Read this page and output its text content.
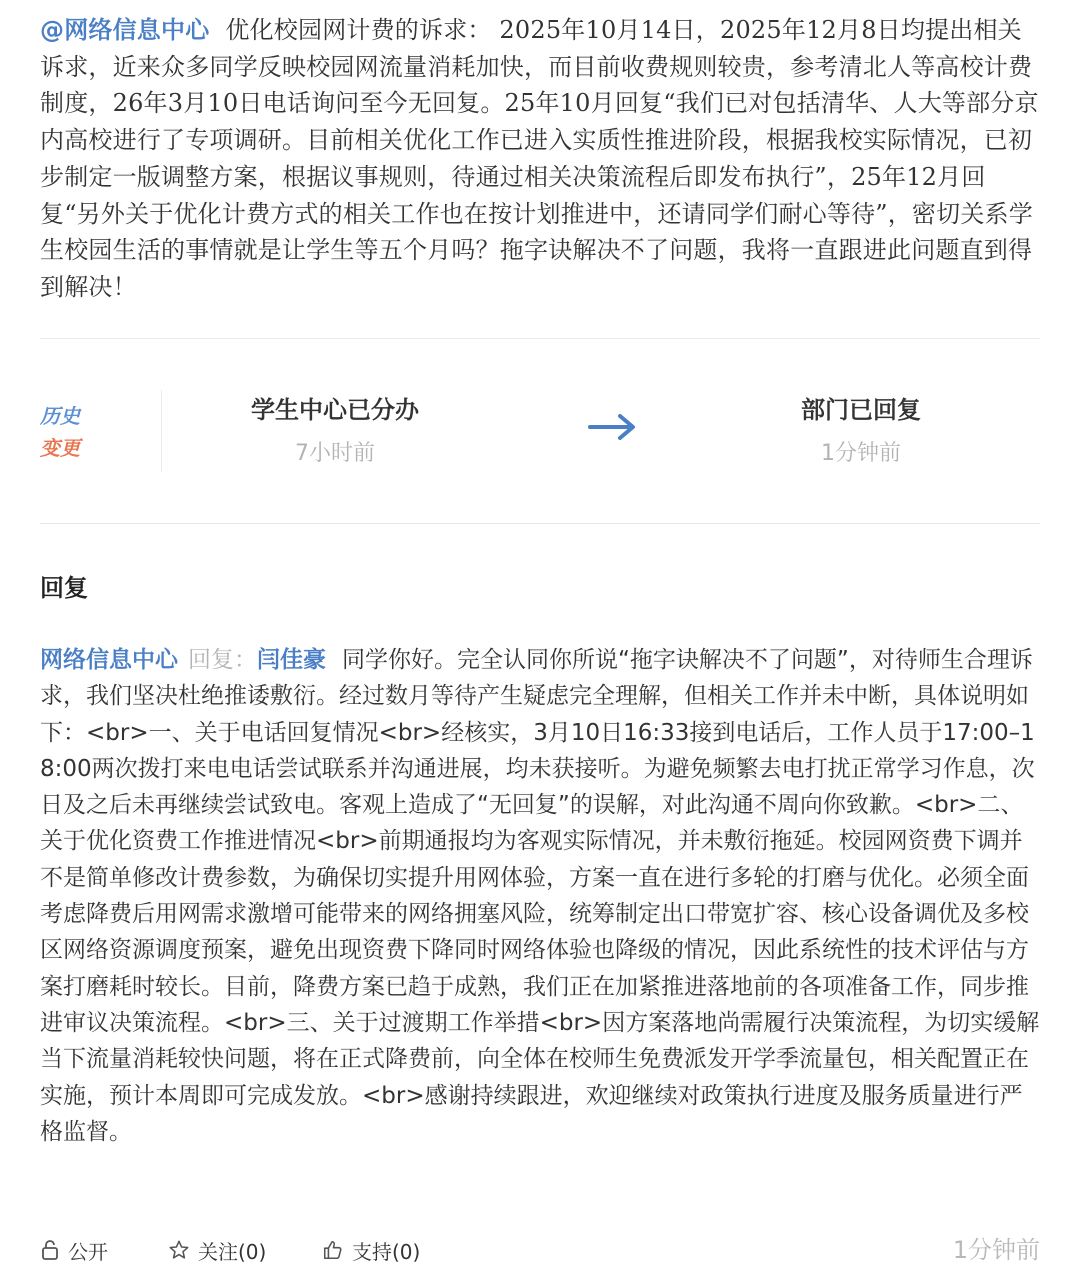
@网络信息中心 优化校园网计费的诉求： 2025年10月14日，2025年12月8日均提出相关诉求，近来众多同学反映校园网流量消耗加快，而目前收费规则较贵，参考清北人等高校计费制度，26年3月10日电话询问至今无回复。25年10月回复“我们已对包括清华、人大等部分京内高校进行了专项调研。目前相关优化工作已进入实质性推进阶段，根据我校实际情况，已初步制定一版调整方案，根据议事规则，待通过相关决策流程后即发布执行”，25年12月回复“另外关于优化计费方式的相关工作也在按计划推进中，还请同学们耐心等待”，密切关系学生校园生活的事情就是让学生等五个月吗？拖字诀解决不了问题，我将一直跟进此问题直到得到解决！
历史
变更
学生中心已分办
7小时前
部门已回复
1分钟前
回复
网络信息中心 回复：闫佳豪 同学你好。完全认同你所说“拖字诀解决不了问题”，对待师生合理诉求，我们坚决杜绝推诿敷衍。经过数月等待产生疑虑完全理解，但相关工作并未中断，具体说明如下：<br>一、关于电话回复情况<br>经核实，3月10日16:33接到电话后，工作人员于17:00–18:00两次拨打来电电话尝试联系并沟通进展，均未获接听。为避免频繁去电打扰正常学习作息，次日及之后未再继续尝试致电。客观上造成了“无回复”的误解，对此沟通不周向你致歉。<br>二、关于优化资费工作推进情况<br>前期通报均为客观实际情况，并未敷衍拖延。校园网资费下调并不是简单修改计费参数，为确保切实提升用网体验，方案一直在进行多轮的打磨与优化。必须全面考虑降费后用网需求激增可能带来的网络拥塞风险，统筹制定出口带宽扩容、核心设备调优及多校区网络资源调度预案，避免出现资费下降同时网络体验也降级的情况，因此系统性的技术评估与方案打磨耗时较长。目前，降费方案已趋于成熟，我们正在加紧推进落地前的各项准备工作，同步推进审议决策流程。<br>三、关于过渡期工作举措<br>因方案落地尚需履行决策流程，为切实缓解当下流量消耗较快问题，将在正式降费前，向全体在校师生免费派发开学季流量包，相关配置正在实施，预计本周即可完成发放。<br>感谢持续跟进，欢迎继续对政策执行进度及服务质量进行严格监督。
公开	关注(0)	支持(0)	1分钟前
